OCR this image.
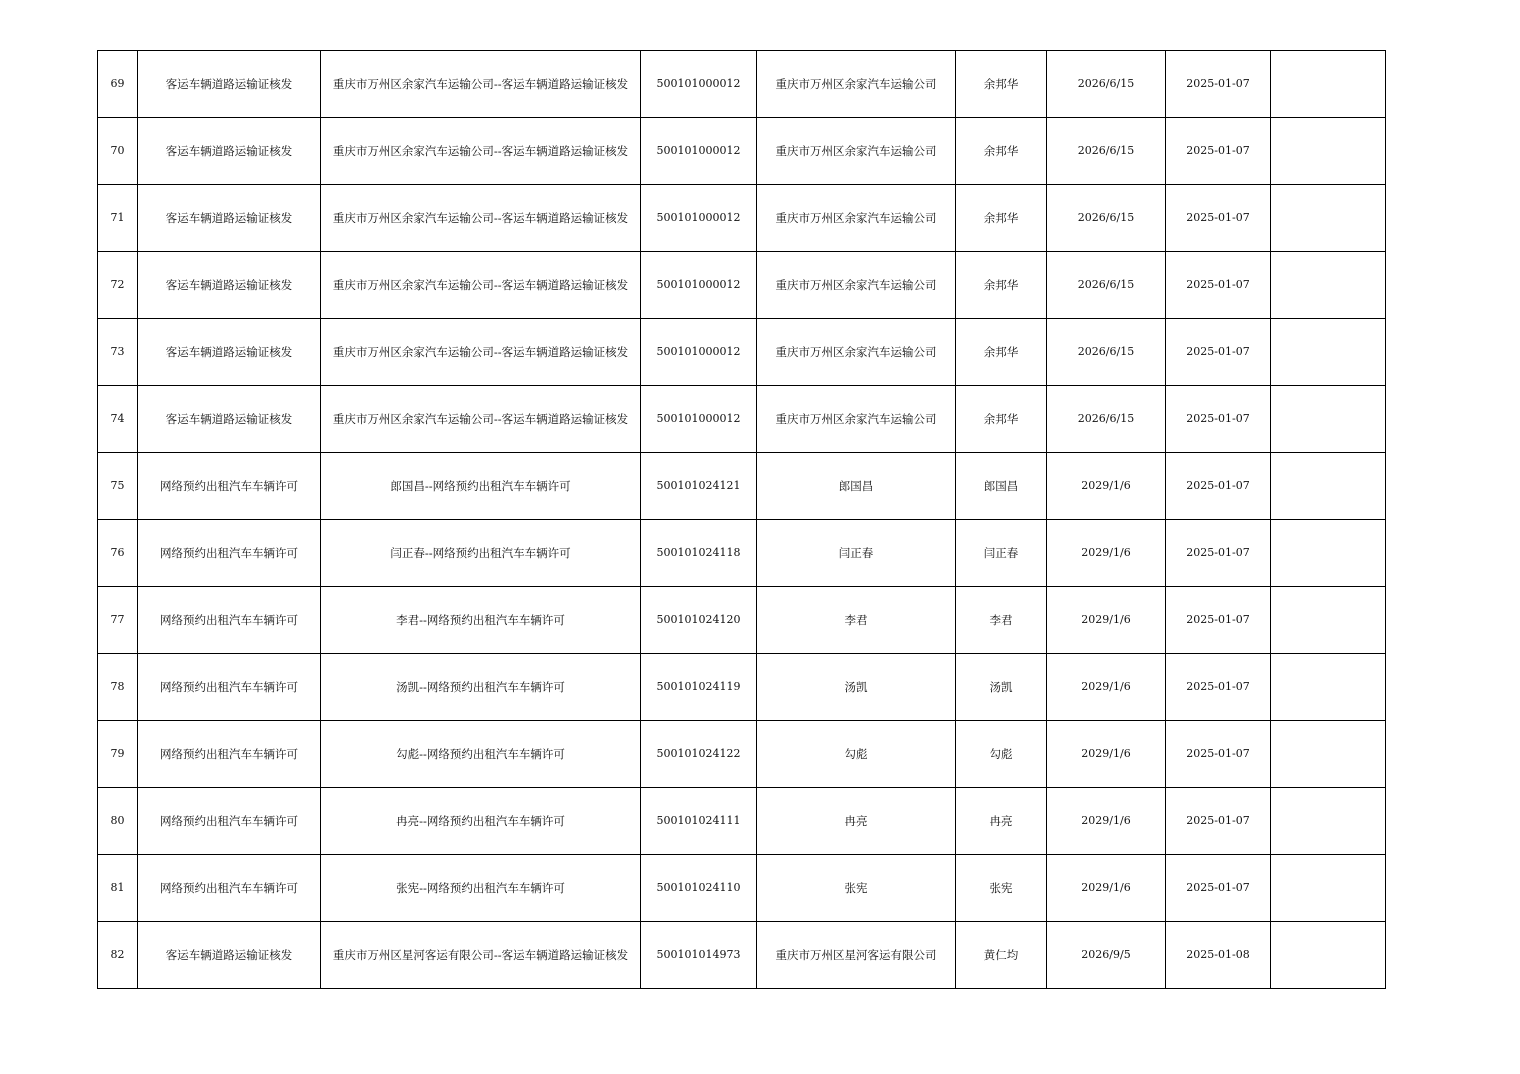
69	客运车辆道路运输证核发	重庆市万州区余家汽车运输公司--客运车辆道路运输证核发	500101000012	重庆市万州区余家汽车运输公司	余邦华	2026/6/15	2025-01-07	
70	客运车辆道路运输证核发	重庆市万州区余家汽车运输公司--客运车辆道路运输证核发	500101000012	重庆市万州区余家汽车运输公司	余邦华	2026/6/15	2025-01-07	
71	客运车辆道路运输证核发	重庆市万州区余家汽车运输公司--客运车辆道路运输证核发	500101000012	重庆市万州区余家汽车运输公司	余邦华	2026/6/15	2025-01-07	
72	客运车辆道路运输证核发	重庆市万州区余家汽车运输公司--客运车辆道路运输证核发	500101000012	重庆市万州区余家汽车运输公司	余邦华	2026/6/15	2025-01-07	
73	客运车辆道路运输证核发	重庆市万州区余家汽车运输公司--客运车辆道路运输证核发	500101000012	重庆市万州区余家汽车运输公司	余邦华	2026/6/15	2025-01-07	
74	客运车辆道路运输证核发	重庆市万州区余家汽车运输公司--客运车辆道路运输证核发	500101000012	重庆市万州区余家汽车运输公司	余邦华	2026/6/15	2025-01-07	
75	网络预约出租汽车车辆许可	郎国昌--网络预约出租汽车车辆许可	500101024121	郎国昌	郎国昌	2029/1/6	2025-01-07	
76	网络预约出租汽车车辆许可	闫正春--网络预约出租汽车车辆许可	500101024118	闫正春	闫正春	2029/1/6	2025-01-07	
77	网络预约出租汽车车辆许可	李君--网络预约出租汽车车辆许可	500101024120	李君	李君	2029/1/6	2025-01-07	
78	网络预约出租汽车车辆许可	汤凯--网络预约出租汽车车辆许可	500101024119	汤凯	汤凯	2029/1/6	2025-01-07	
79	网络预约出租汽车车辆许可	勾彪--网络预约出租汽车车辆许可	500101024122	勾彪	勾彪	2029/1/6	2025-01-07	
80	网络预约出租汽车车辆许可	冉亮--网络预约出租汽车车辆许可	500101024111	冉亮	冉亮	2029/1/6	2025-01-07	
81	网络预约出租汽车车辆许可	张宪--网络预约出租汽车车辆许可	500101024110	张宪	张宪	2029/1/6	2025-01-07	
82	客运车辆道路运输证核发	重庆市万州区星河客运有限公司--客运车辆道路运输证核发	500101014973	重庆市万州区星河客运有限公司	黄仁均	2026/9/5	2025-01-08	
